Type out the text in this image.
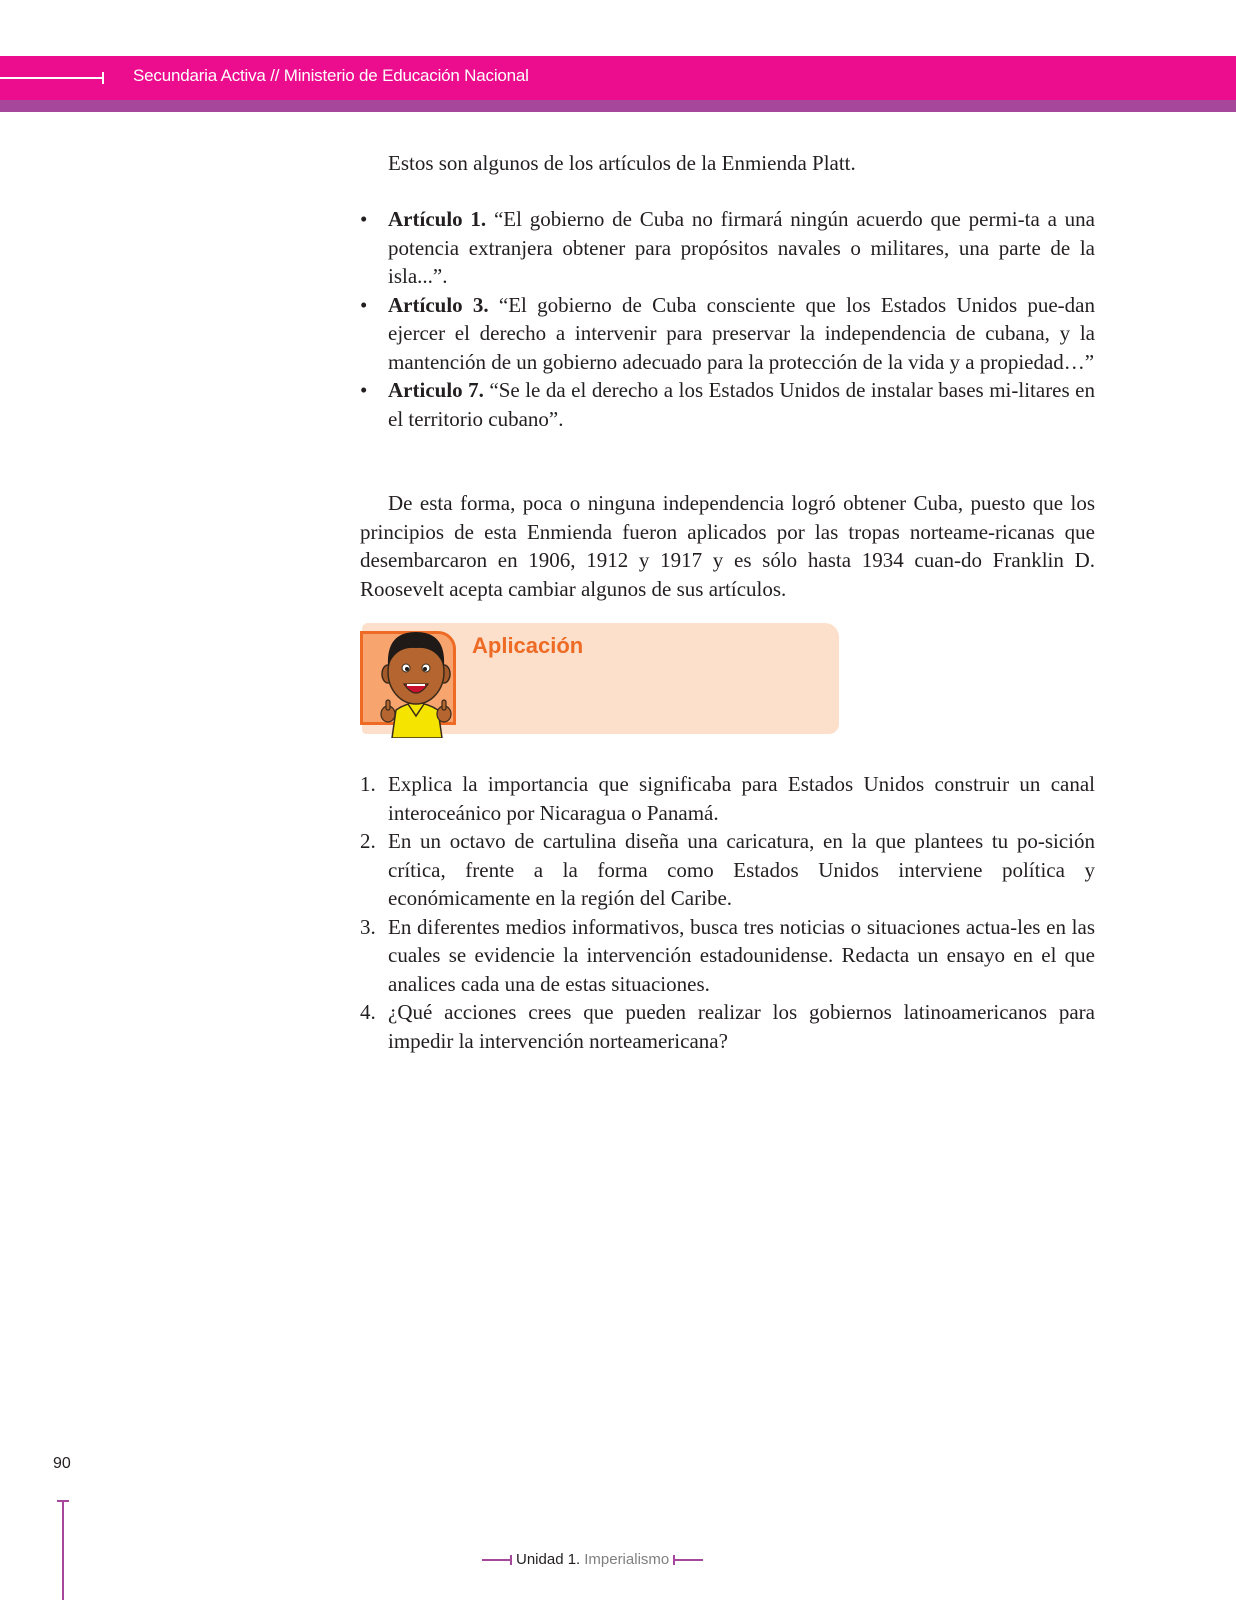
Secundaria Activa // Ministerio de Educación Nacional
Estos son algunos de los artículos de la Enmienda Platt.
• Artículo 1. “El gobierno de Cuba no firmará ningún acuerdo que permi-ta a una potencia extranjera obtener para propósitos navales o militares, una parte de la isla...”.
• Artículo 3. “El gobierno de Cuba consciente que los Estados Unidos pue-dan ejercer el derecho a intervenir para preservar la independencia de cubana, y la mantención de un gobierno adecuado para la protección de la vida y a propiedad…”
• Articulo 7. “Se le da el derecho a los Estados Unidos de instalar bases mi-litares en el territorio cubano”.
De esta forma, poca o ninguna independencia logró obtener Cuba, puesto que los principios de esta Enmienda fueron aplicados por las tropas norteame-ricanas que desembarcaron en 1906, 1912 y 1917 y es sólo hasta 1934 cuan-do Franklin D. Roosevelt acepta cambiar algunos de sus artículos.
Aplicación
1. Explica la importancia que significaba para Estados Unidos construir un canal interoceánico por Nicaragua o Panamá.
2. En un octavo de cartulina diseña una caricatura, en la que plantees tu po-sición crítica, frente a la forma como Estados Unidos interviene política y económicamente en la región del Caribe.
3. En diferentes medios informativos, busca tres noticias o situaciones actua-les en las cuales se evidencie la intervención estadounidense. Redacta un ensayo en el que analices cada una de estas situaciones.
4. ¿Qué acciones crees que pueden realizar los gobiernos latinoamericanos para impedir la intervención norteamericana?
90
Unidad 1. Imperialismo
